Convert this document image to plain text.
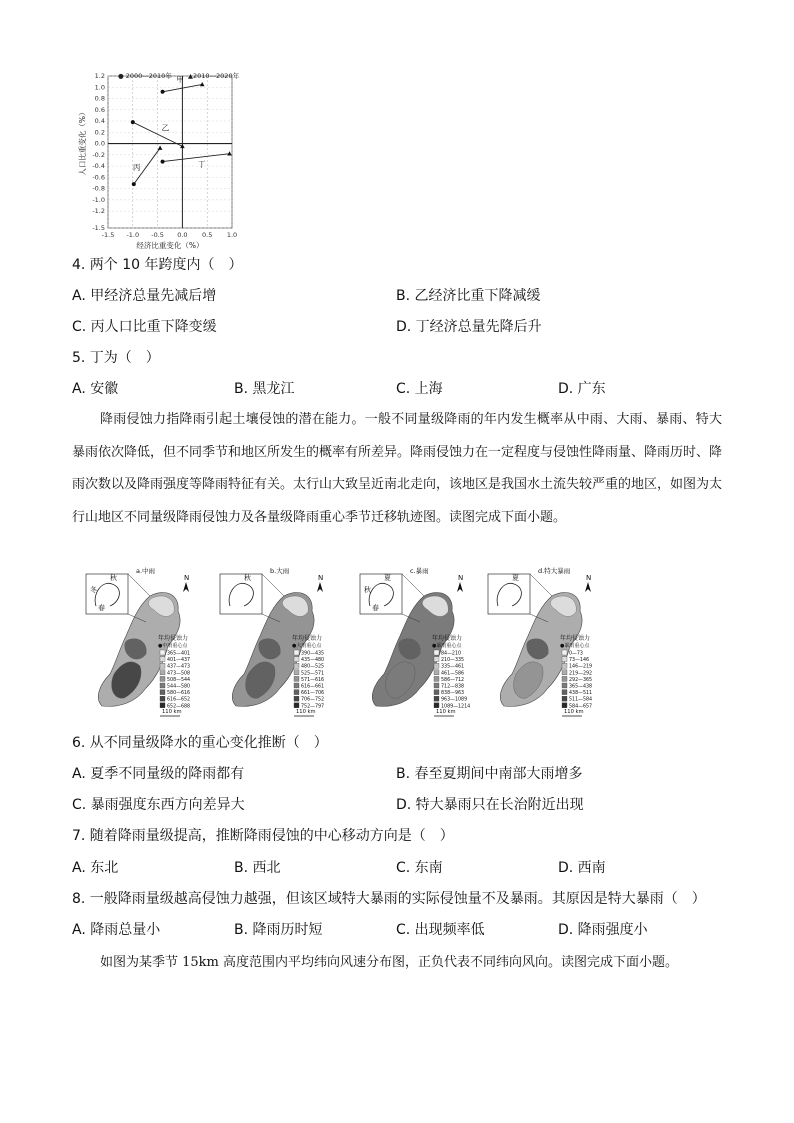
-1.5 -1.0 -0.5 0.0 0.5 1.0
1.2
1.0
0.8
0.6
0.4
0.2
0.0
-0.2
-0.4
-0.6
-0.8
-1.0
-1.2
-1.5
经济比重变化（%）
人口比重变化（%）
● 2000—2010年 ▲2010—2020年
甲
乙
丙	丁
4. 两个 10 年跨度内（　）
A. 甲经济总量先减后增	B. 乙经济比重下降减缓
C. 丙人口比重下降变缓	D. 丁经济总量先降后升
5. 丁为（　）
A. 安徽	B. 黑龙江	C. 上海	D. 广东
降雨侵蚀力指降雨引起土壤侵蚀的潜在能力。一般不同量级降雨的年内发生概率从中雨、大雨、暴雨、特大暴雨依次降低，但不同季节和地区所发生的概率有所差异。降雨侵蚀力在一定程度与侵蚀性降雨量、降雨历时、降雨次数以及降雨强度等降雨特征有关。太行山大致呈近南北走向，该地区是我国水土流失较严重的地区，如图为太行山地区不同量级降雨侵蚀力及各量级降雨重心季节迁移轨迹图。读图完成下面小题。
秋
冬
春
a.中雨
N
年均侵蚀力
●中雨重心点
365—401
401—437
437—473
473—508
508—544
544—580
580—616
616—652
652—688
110 km
秋
b.大雨
N
年均侵蚀力
●大雨重心点
390—435
435—480
480—525
525—571
571—616
616—661
661—706
706—752
752—797
110 km
夏
秋
春
c.暴雨
N
年均侵蚀力
●暴雨重心点
84—210
210—335
335—461
461—586
586—712
712—838
838—963
963—1089
1089—1214
110 km
夏
d.特大暴雨
N
年均侵蚀力
●暴雨重心点
0—73
73—146
146—219
219—292
292—365
365—438
438—511
511—584
584—657
110 km
6. 从不同量级降水的重心变化推断（　）
A. 夏季不同量级的降雨都有	B. 春至夏期间中南部大雨增多
C. 暴雨强度东西方向差异大	D. 特大暴雨只在长治附近出现
7. 随着降雨量级提高，推断降雨侵蚀的中心移动方向是（　）
A. 东北	B. 西北	C. 东南	D. 西南
8. 一般降雨量级越高侵蚀力越强，但该区域特大暴雨的实际侵蚀量不及暴雨。其原因是特大暴雨（　）
A. 降雨总量小	B. 降雨历时短	C. 出现频率低	D. 降雨强度小
如图为某季节 15km 高度范围内平均纬向风速分布图，正负代表不同纬向风向。读图完成下面小题。
